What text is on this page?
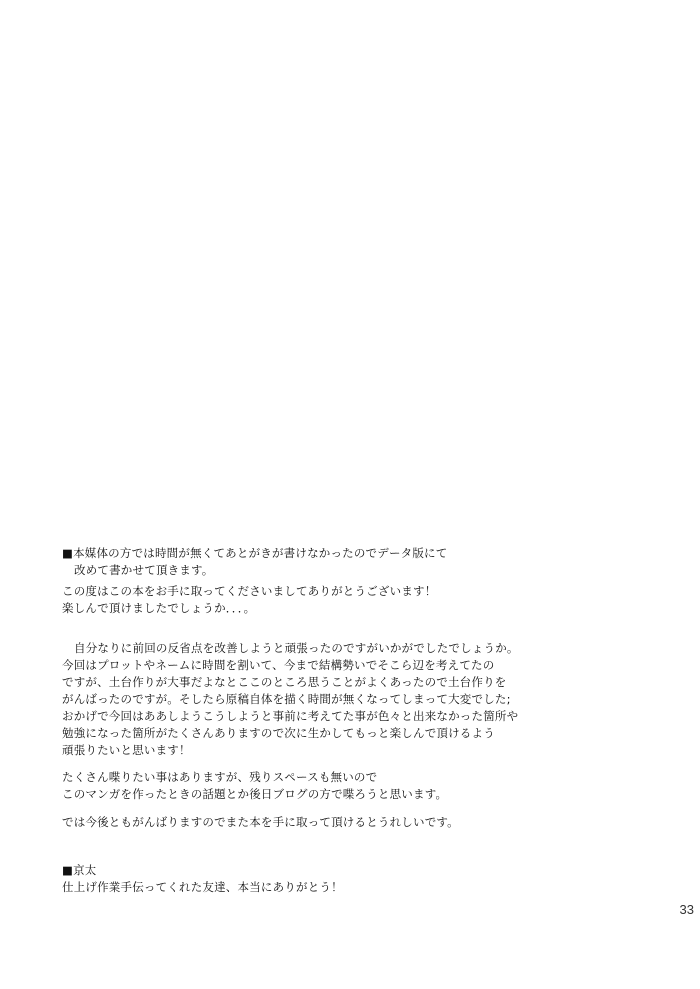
■本媒体の方では時間が無くてあとがきが書けなかったのでデータ版にて
改めて書かせて頂きます。
この度はこの本をお手に取ってくださいましてありがとうございます！
楽しんで頂けましたでしょうか．．．。
自分なりに前回の反省点を改善しようと頑張ったのですがいかがでしたでしょうか。
今回はプロットやネームに時間を割いて、今まで結構勢いでそこら辺を考えてたの
ですが、土台作りが大事だよなとここのところ思うことがよくあったので土台作りを
がんばったのですが。そしたら原稿自体を描く時間が無くなってしまって大変でした;
おかげで今回はああしようこうしようと事前に考えてた事が色々と出来なかった箇所や
勉強になった箇所がたくさんありますので次に生かしてもっと楽しんで頂けるよう
頑張りたいと思います！
たくさん喋りたい事はありますが、残りスペースも無いので
このマンガを作ったときの話題とか後日ブログの方で喋ろうと思います。
では今後ともがんばりますのでまた本を手に取って頂けるとうれしいです。
■京太
仕上げ作業手伝ってくれた友達、本当にありがとう！
33
